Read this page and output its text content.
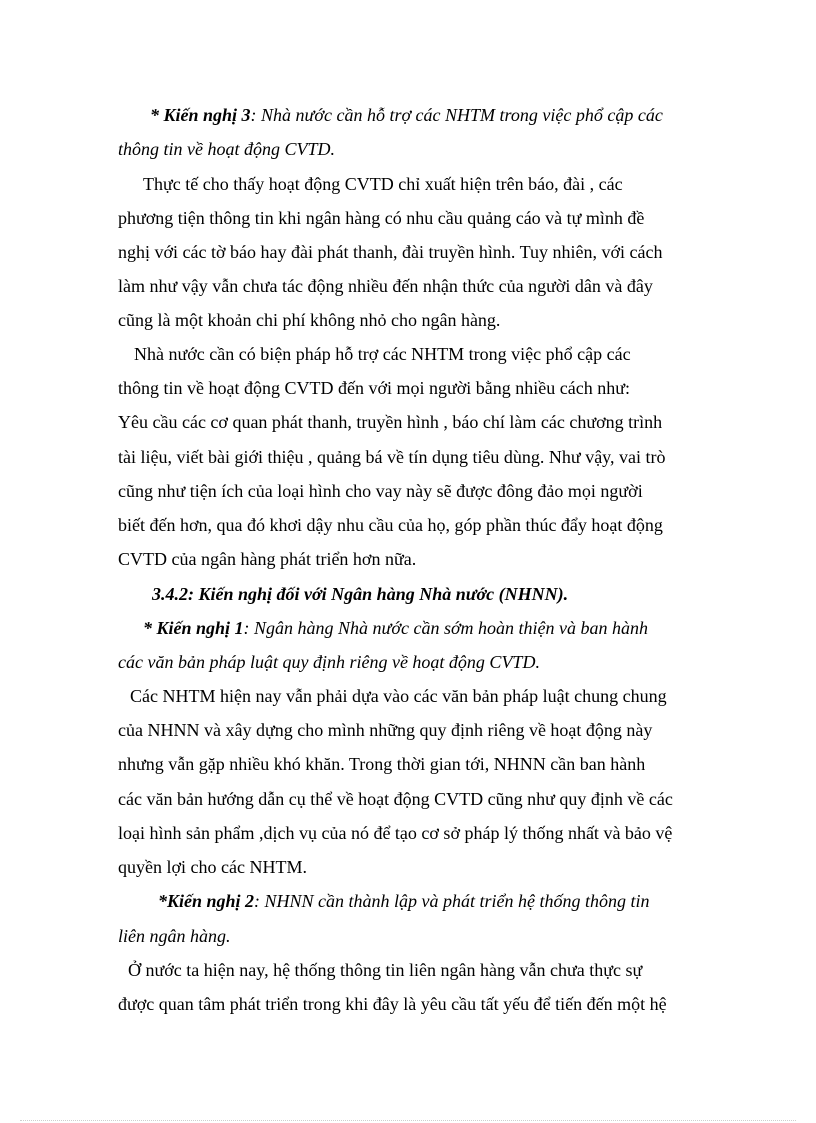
* Kiến nghị 3: Nhà nước cần hỗ trợ các NHTM trong việc phổ cập các
thông tin về hoạt động CVTD.
Thực tế cho thấy hoạt động CVTD chỉ xuất hiện trên báo, đài , các
phương tiện thông tin khi ngân hàng có nhu cầu quảng cáo và tự mình đề
nghị với các tờ báo hay đài phát thanh, đài truyền hình. Tuy nhiên, với cách
làm như vậy vẫn chưa tác động nhiều đến nhận thức của người dân và đây
cũng là một khoản chi phí không nhỏ cho ngân hàng.
Nhà nước cần có biện pháp hỗ trợ các NHTM trong việc phổ cập các
thông tin về hoạt động CVTD đến với mọi người bằng nhiều cách như:
Yêu cầu các cơ quan phát thanh, truyền hình , báo chí làm các chương trình
tài liệu, viết bài giới thiệu , quảng bá về tín dụng tiêu dùng. Như vậy, vai trò
cũng như tiện ích của loại hình cho vay này sẽ được đông đảo mọi người
biết đến hơn, qua đó khơi dậy nhu cầu của họ, góp phần thúc đẩy hoạt động
CVTD của ngân hàng phát triển hơn nữa.
3.4.2: Kiến nghị đối với Ngân hàng Nhà nước (NHNN).
* Kiến nghị 1: Ngân hàng Nhà nước cần sớm hoàn thiện và ban hành
các văn bản pháp luật quy định riêng về hoạt động CVTD.
Các NHTM hiện nay vẫn phải dựa vào các văn bản pháp luật chung chung
của NHNN và xây dựng cho mình những quy định riêng về hoạt động này
nhưng vẫn gặp nhiều khó khăn. Trong thời gian tới, NHNN cần ban hành
các văn bản hướng dẫn cụ thể về hoạt động CVTD cũng như quy định về các
loại hình sản phẩm ,dịch vụ của nó để tạo cơ sở pháp lý thống nhất và bảo vệ
quyền lợi cho các NHTM.
*Kiến nghị 2: NHNN cần thành lập và phát triển hệ thống thông tin
liên ngân hàng.
Ở nước ta hiện nay, hệ thống thông tin liên ngân hàng vẫn chưa thực sự
được quan tâm phát triển trong khi đây là yêu cầu tất yếu để tiến đến một hệ
